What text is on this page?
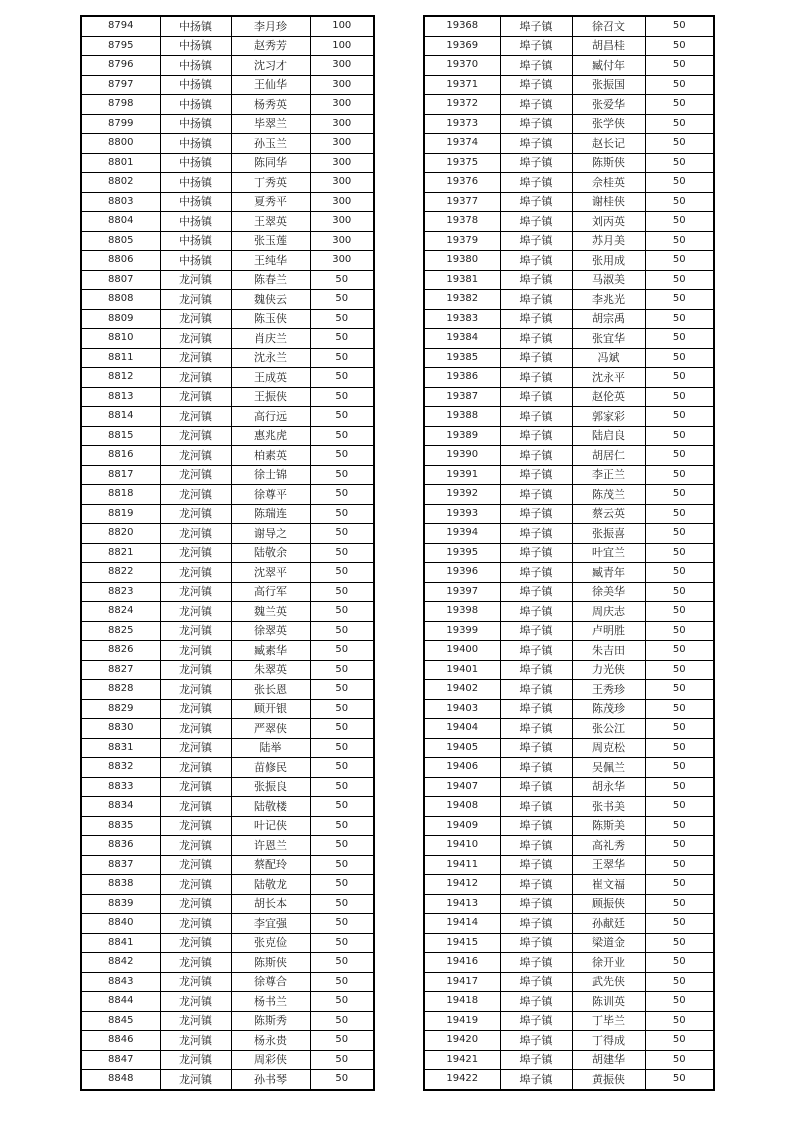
8794	中扬镇	李月珍	100
8795	中扬镇	赵秀芳	100
8796	中扬镇	沈习才	300
8797	中扬镇	王仙华	300
8798	中扬镇	杨秀英	300
8799	中扬镇	毕翠兰	300
8800	中扬镇	孙玉兰	300
8801	中扬镇	陈同华	300
8802	中扬镇	丁秀英	300
8803	中扬镇	夏秀平	300
8804	中扬镇	王翠英	300
8805	中扬镇	张玉莲	300
8806	中扬镇	王纯华	300
8807	龙河镇	陈春兰	50
8808	龙河镇	魏侠云	50
8809	龙河镇	陈玉侠	50
8810	龙河镇	肖庆兰	50
8811	龙河镇	沈永兰	50
8812	龙河镇	王成英	50
8813	龙河镇	王振侠	50
8814	龙河镇	高行远	50
8815	龙河镇	惠兆虎	50
8816	龙河镇	柏素英	50
8817	龙河镇	徐士锦	50
8818	龙河镇	徐尊平	50
8819	龙河镇	陈瑞连	50
8820	龙河镇	谢导之	50
8821	龙河镇	陆敬余	50
8822	龙河镇	沈翠平	50
8823	龙河镇	高行军	50
8824	龙河镇	魏兰英	50
8825	龙河镇	徐翠英	50
8826	龙河镇	臧素华	50
8827	龙河镇	朱翠英	50
8828	龙河镇	张长恩	50
8829	龙河镇	顾开银	50
8830	龙河镇	严翠侠	50
8831	龙河镇	陆举	50
8832	龙河镇	苗修民	50
8833	龙河镇	张振良	50
8834	龙河镇	陆敬楼	50
8835	龙河镇	叶记侠	50
8836	龙河镇	许恩兰	50
8837	龙河镇	蔡配玲	50
8838	龙河镇	陆敬龙	50
8839	龙河镇	胡长本	50
8840	龙河镇	李宜强	50
8841	龙河镇	张克俭	50
8842	龙河镇	陈斯侠	50
8843	龙河镇	徐尊合	50
8844	龙河镇	杨书兰	50
8845	龙河镇	陈斯秀	50
8846	龙河镇	杨永贵	50
8847	龙河镇	周彩侠	50
8848	龙河镇	孙书琴	50
19368	埠子镇	徐召文	50
19369	埠子镇	胡昌桂	50
19370	埠子镇	臧付年	50
19371	埠子镇	张振国	50
19372	埠子镇	张爱华	50
19373	埠子镇	张学侠	50
19374	埠子镇	赵长记	50
19375	埠子镇	陈斯侠	50
19376	埠子镇	佘桂英	50
19377	埠子镇	谢桂侠	50
19378	埠子镇	刘丙英	50
19379	埠子镇	苏月美	50
19380	埠子镇	张用成	50
19381	埠子镇	马淑美	50
19382	埠子镇	李兆光	50
19383	埠子镇	胡宗禹	50
19384	埠子镇	张宜华	50
19385	埠子镇	冯斌	50
19386	埠子镇	沈永平	50
19387	埠子镇	赵伦英	50
19388	埠子镇	郭家彩	50
19389	埠子镇	陆启良	50
19390	埠子镇	胡居仁	50
19391	埠子镇	李正兰	50
19392	埠子镇	陈茂兰	50
19393	埠子镇	蔡云英	50
19394	埠子镇	张振喜	50
19395	埠子镇	叶宜兰	50
19396	埠子镇	臧青年	50
19397	埠子镇	徐美华	50
19398	埠子镇	周庆志	50
19399	埠子镇	卢明胜	50
19400	埠子镇	朱吉田	50
19401	埠子镇	力光侠	50
19402	埠子镇	王秀珍	50
19403	埠子镇	陈茂珍	50
19404	埠子镇	张公江	50
19405	埠子镇	周克松	50
19406	埠子镇	吴佩兰	50
19407	埠子镇	胡永华	50
19408	埠子镇	张书美	50
19409	埠子镇	陈斯美	50
19410	埠子镇	高礼秀	50
19411	埠子镇	王翠华	50
19412	埠子镇	崔文福	50
19413	埠子镇	顾振侠	50
19414	埠子镇	孙献廷	50
19415	埠子镇	梁道金	50
19416	埠子镇	徐开业	50
19417	埠子镇	武先侠	50
19418	埠子镇	陈训英	50
19419	埠子镇	丁毕兰	50
19420	埠子镇	丁得成	50
19421	埠子镇	胡建华	50
19422	埠子镇	黄振侠	50
